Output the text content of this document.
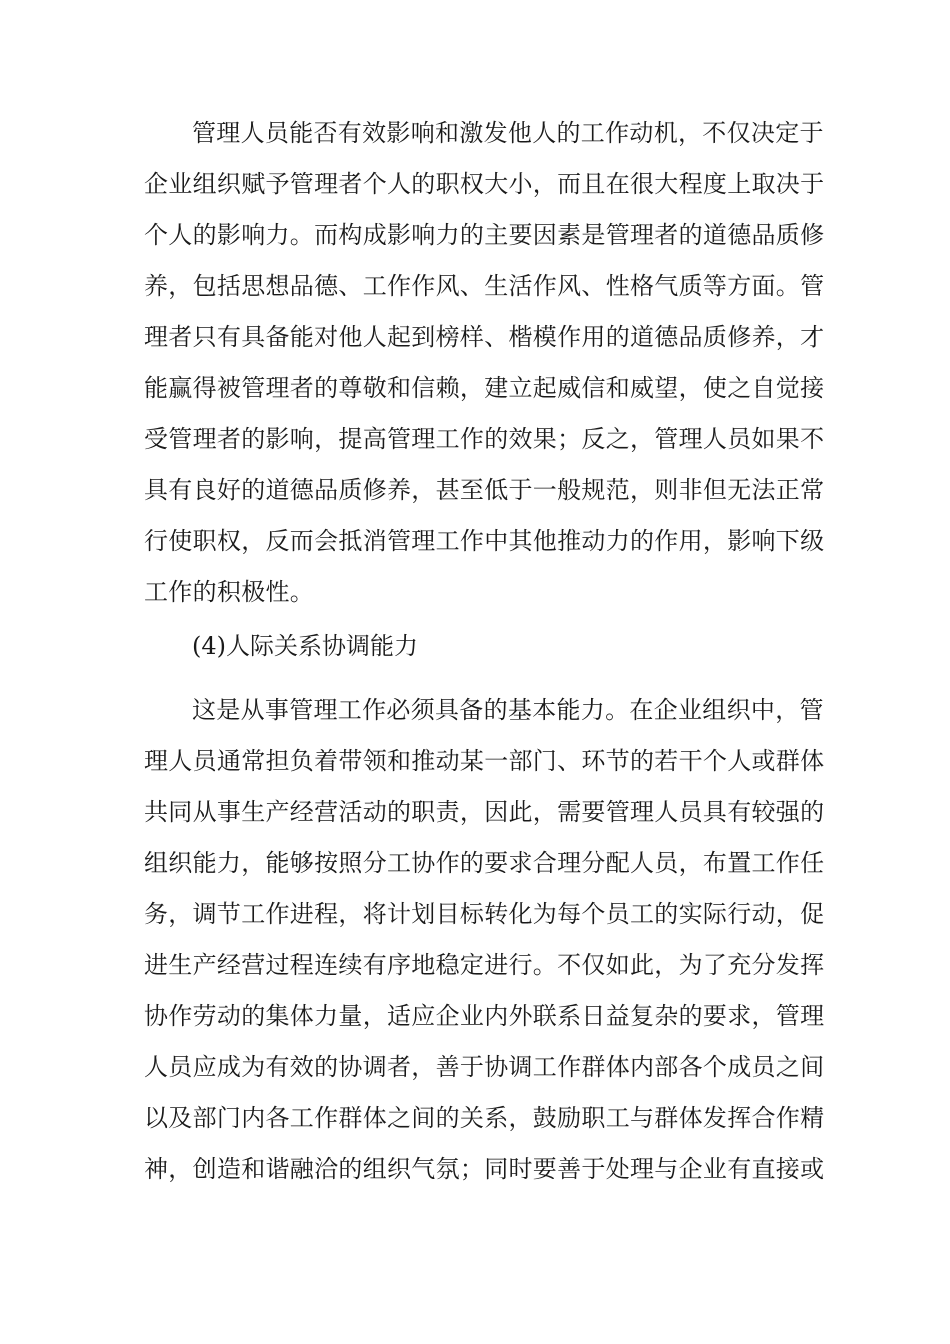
管理人员能否有效影响和激发他人的工作动机，不仅决定于
企业组织赋予管理者个人的职权大小，而且在很大程度上取决于
个人的影响力。而构成影响力的主要因素是管理者的道德品质修
养，包括思想品德、工作作风、生活作风、性格气质等方面。管
理者只有具备能对他人起到榜样、楷模作用的道德品质修养，才
能赢得被管理者的尊敬和信赖，建立起威信和威望，使之自觉接
受管理者的影响，提高管理工作的效果；反之，管理人员如果不
具有良好的道德品质修养，甚至低于一般规范，则非但无法正常
行使职权，反而会抵消管理工作中其他推动力的作用，影响下级
工作的积极性。
(4)人际关系协调能力
这是从事管理工作必须具备的基本能力。在企业组织中，管
理人员通常担负着带领和推动某一部门、环节的若干个人或群体
共同从事生产经营活动的职责，因此，需要管理人员具有较强的
组织能力，能够按照分工协作的要求合理分配人员，布置工作任
务，调节工作进程，将计划目标转化为每个员工的实际行动，促
进生产经营过程连续有序地稳定进行。不仅如此，为了充分发挥
协作劳动的集体力量，适应企业内外联系日益复杂的要求，管理
人员应成为有效的协调者，善于协调工作群体内部各个成员之间
以及部门内各工作群体之间的关系，鼓励职工与群体发挥合作精
神，创造和谐融洽的组织气氛；同时要善于处理与企业有直接或
